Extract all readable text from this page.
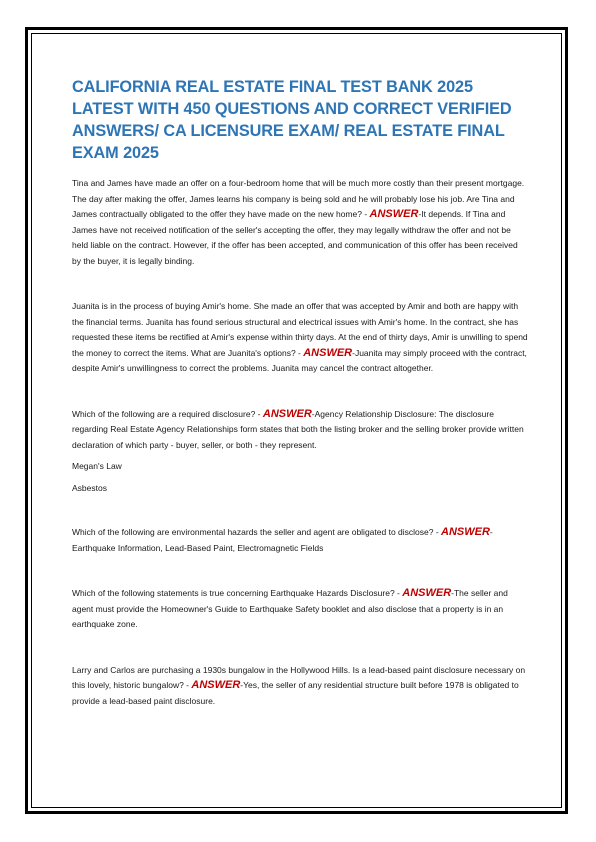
CALIFORNIA REAL ESTATE FINAL TEST BANK 2025 LATEST WITH 450 QUESTIONS AND CORRECT VERIFIED ANSWERS/ CA LICENSURE EXAM/ REAL ESTATE FINAL EXAM 2025

Tina and James have made an offer on a four-bedroom home that will be much more costly than their present mortgage. The day after making the offer, James learns his company is being sold and he will probably lose his job. Are Tina and James contractually obligated to the offer they have made on the new home? - ANSWER-It depends. If Tina and James have not received notification of the seller's accepting the offer, they may legally withdraw the offer and not be held liable on the contract. However, if the offer has been accepted, and communication of this offer has been received by the buyer, it is legally binding.

Juanita is in the process of buying Amir's home. She made an offer that was accepted by Amir and both are happy with the financial terms. Juanita has found serious structural and electrical issues with Amir's home. In the contract, she has requested these items be rectified at Amir's expense within thirty days. At the end of thirty days, Amir is unwilling to spend the money to correct the items. What are Juanita's options? - ANSWER-Juanita may simply proceed with the contract, despite Amir's unwillingness to correct the problems. Juanita may cancel the contract altogether.

Which of the following are a required disclosure? - ANSWER-Agency Relationship Disclosure: The disclosure regarding Real Estate Agency Relationships form states that both the listing broker and the selling broker provide written declaration of which party - buyer, seller, or both - they represent.

Megan's Law

Asbestos

Which of the following are environmental hazards the seller and agent are obligated to disclose? - ANSWER-Earthquake Information, Lead-Based Paint, Electromagnetic Fields

Which of the following statements is true concerning Earthquake Hazards Disclosure? - ANSWER-The seller and agent must provide the Homeowner's Guide to Earthquake Safety booklet and also disclose that a property is in an earthquake zone.

Larry and Carlos are purchasing a 1930s bungalow in the Hollywood Hills. Is a lead-based paint disclosure necessary on this lovely, historic bungalow? - ANSWER-Yes, the seller of any residential structure built before 1978 is obligated to provide a lead-based paint disclosure.
